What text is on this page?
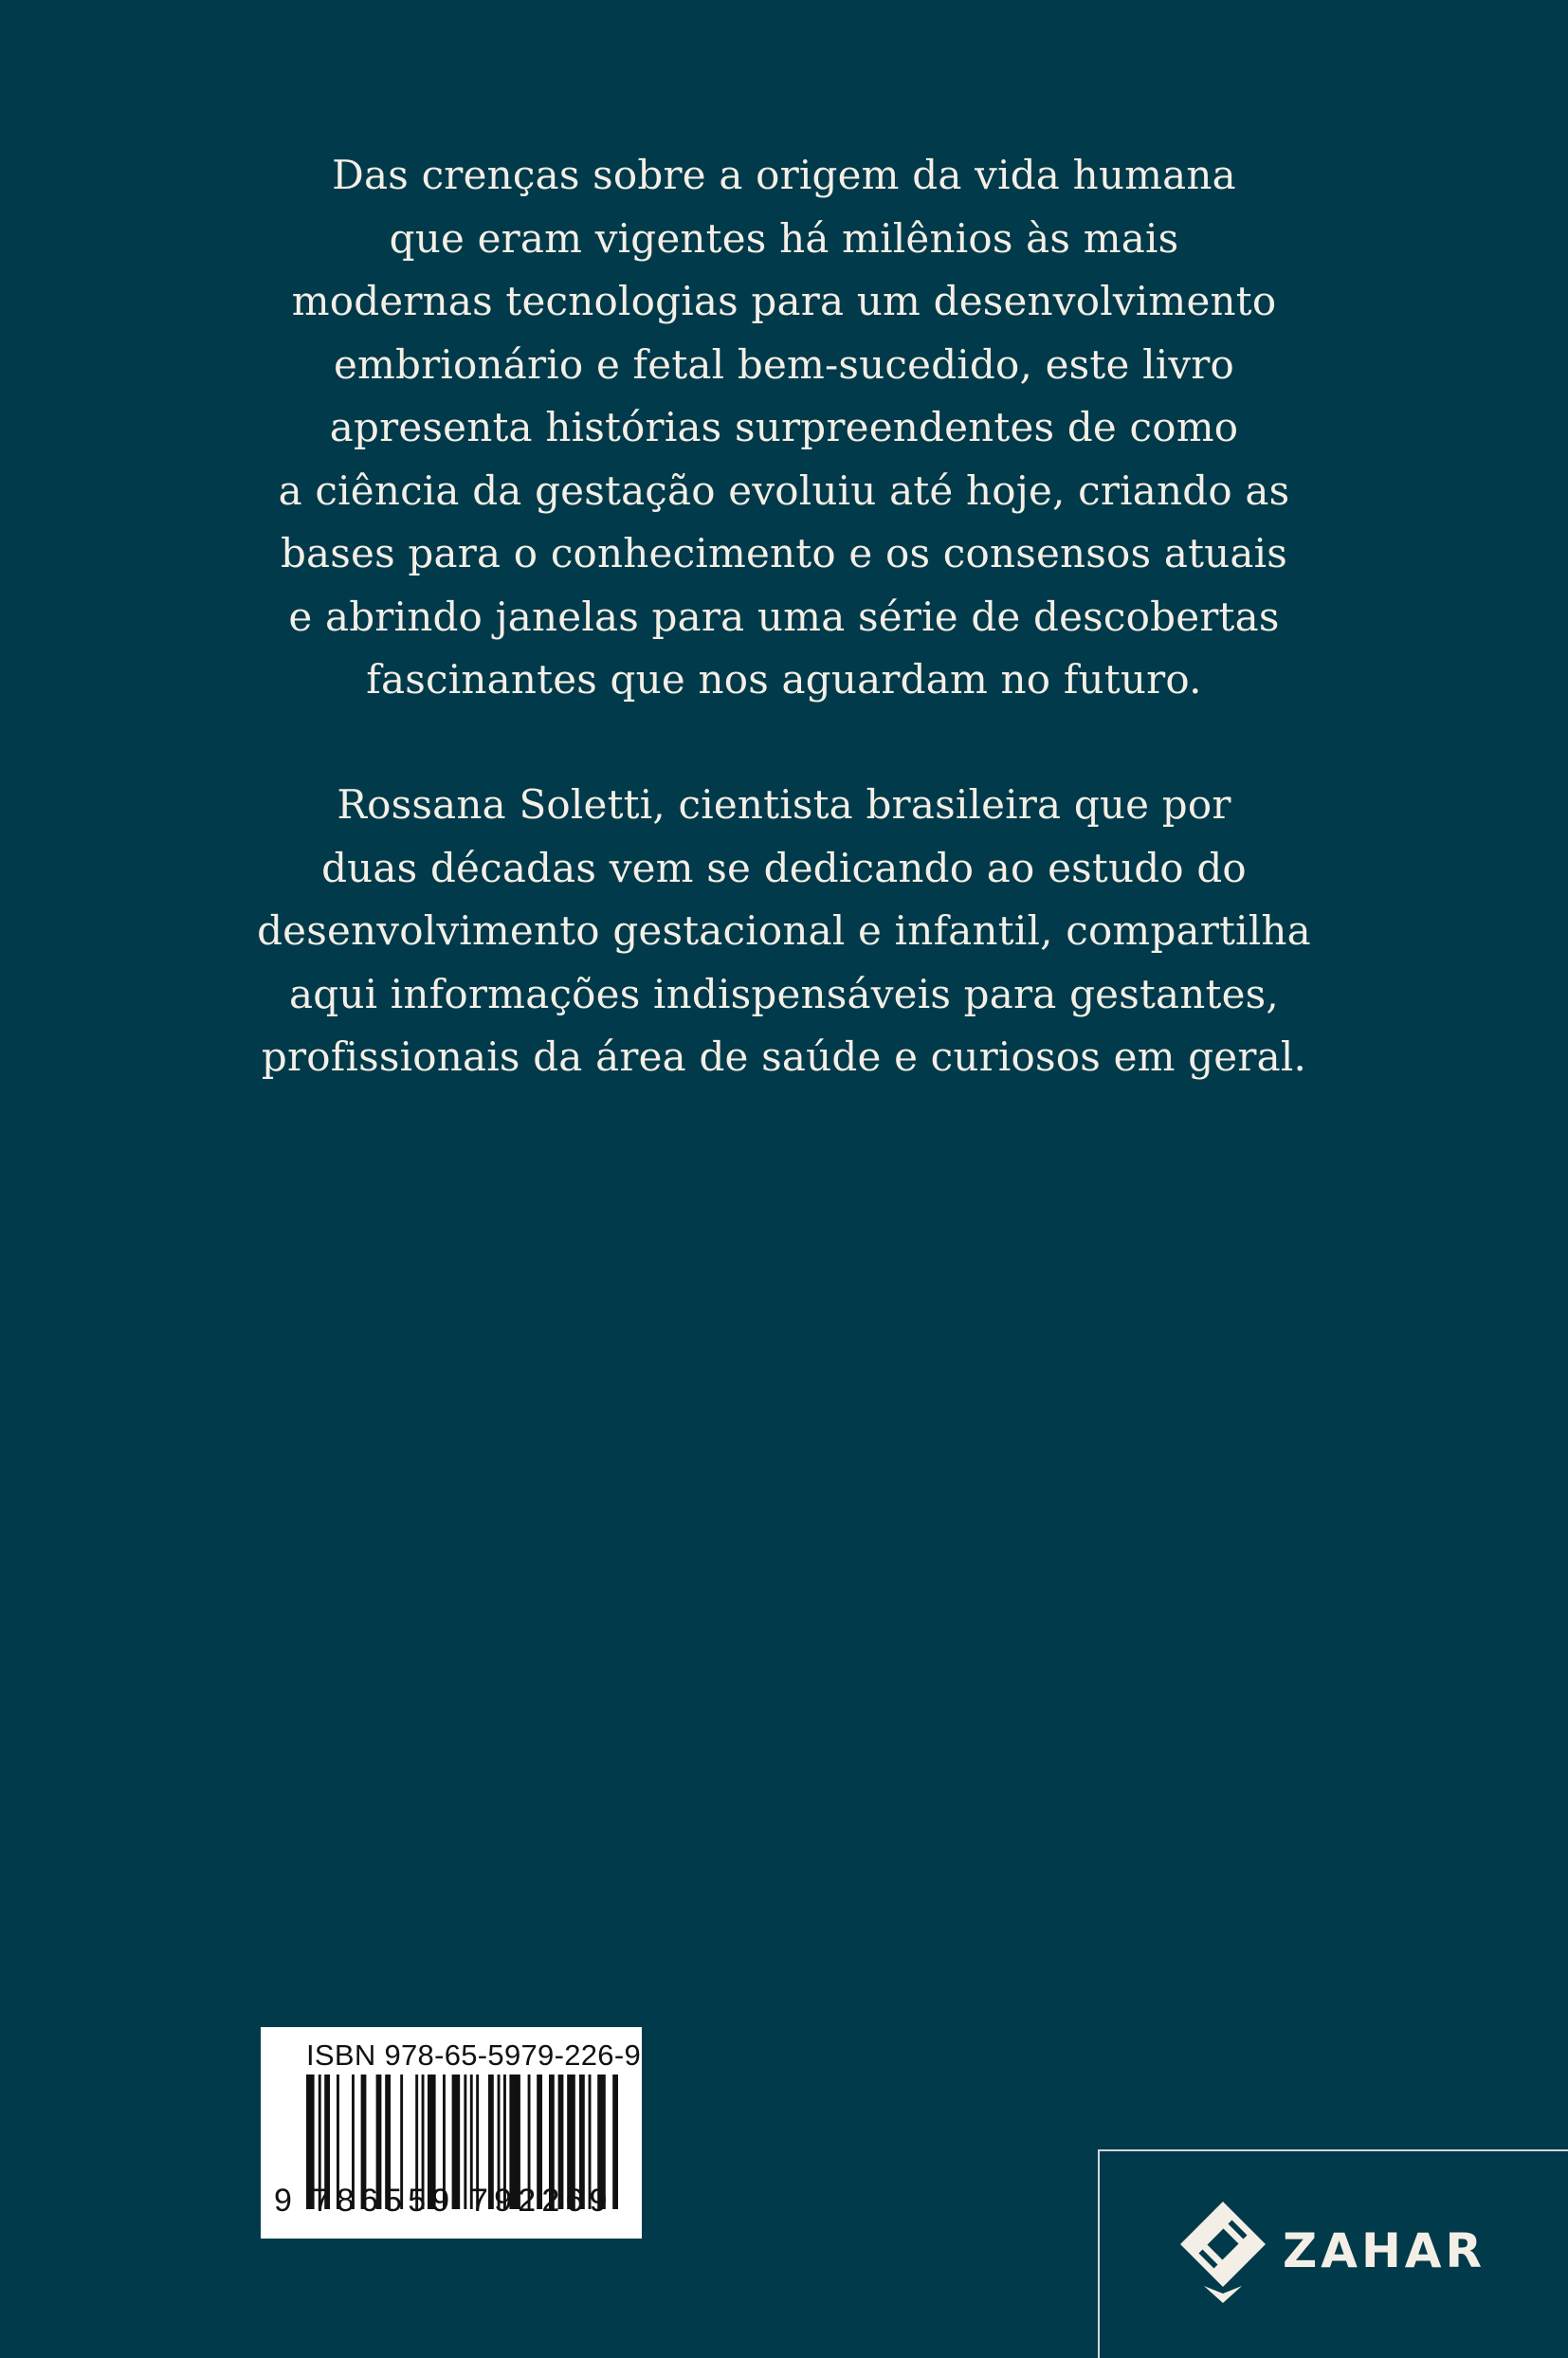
Das crenças sobre a origem da vida humana
que eram vigentes há milênios às mais
modernas tecnologias para um desenvolvimento
embrionário e fetal bem-sucedido, este livro
apresenta histórias surpreendentes de como
a ciência da gestação evoluiu até hoje, criando as
bases para o conhecimento e os consensos atuais
e abrindo janelas para uma série de descobertas
fascinantes que nos aguardam no futuro.
Rossana Soletti, cientista brasileira que por
duas décadas vem se dedicando ao estudo do
desenvolvimento gestacional e infantil, compartilha
aqui informações indispensáveis para gestantes,
profissionais da área de saúde e curiosos em geral.
ISBN 978-65-5979-226-9
9 786559 792269
ZAHAR
